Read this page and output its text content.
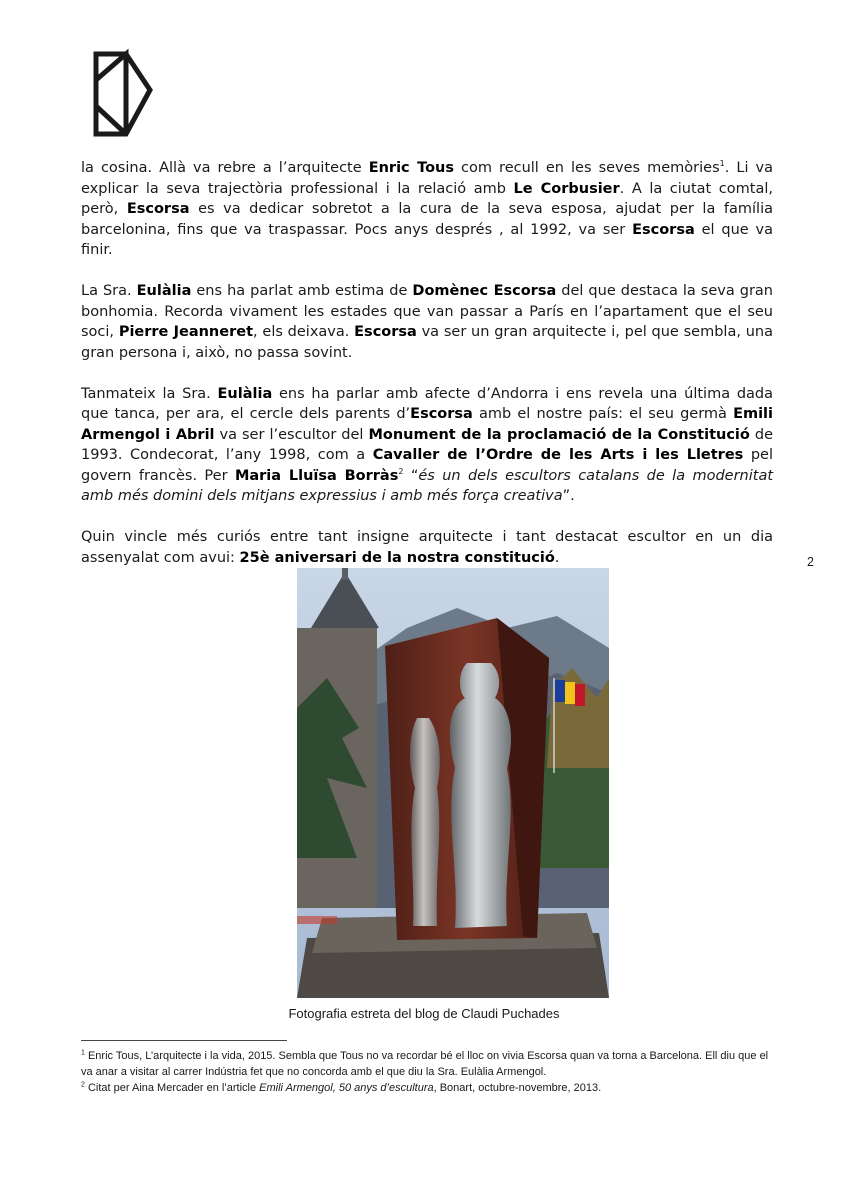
la cosina. Allà va rebre a l’arquitecte Enric Tous com recull en les seves memòries$^1$. Li va explicar la seva trajectòria professional i la relació amb Le Corbusier. A la ciutat comtal, però, Escorsa es va dedicar sobretot a la cura de la seva esposa, ajudat per la família barcelonina, fins que va traspassar. Pocs anys després , al 1992, va ser Escorsa el que va finir.

La Sra. Eulàlia ens ha parlat amb estima de Domènec Escorsa del que destaca la seva gran bonhomia. Recorda vivament les estades que van passar a París en l’apartament que el seu soci, Pierre Jeanneret, els deixava. Escorsa va ser un gran arquitecte i, pel que sembla, una gran persona i, això, no passa sovint.

Tanmateix la Sra. Eulàlia ens ha parlar amb afecte d’Andorra i ens revela una última dada que tanca, per ara, el cercle dels parents d’Escorsa amb el nostre país: el seu germà Emili Armengol i Abril va ser l’escultor del Monument de la proclamació de la Constitució de 1993. Condecorat, l’any 1998, com a Cavaller de l’Ordre de les Arts i les Lletres pel govern francès. Per Maria Lluïsa Borràs$^2$ “és un dels escultors catalans de la modernitat amb més domini dels mitjans expressius i amb més força creativa”.

Quin vincle més curiós entre tant insigne arquitecte i tant destacat escultor en un dia assenyalat com avui: 25è aniversari de la nostra constitució.	2
Fotografia estreta del blog de Claudi Puchades

$^1$ Enric Tous, L’arquitecte i la vida, 2015. Sembla que Tous no va recordar bé el lloc on vivia Escorsa quan va torna a Barcelona. Ell diu que el va anar a visitar al carrer Indústria fet que no concorda amb el que diu la Sra. Eulàlia Armengol.

$^2$ Citat per Aina Mercader en l’article Emili Armengol, 50 anys d’escultura, Bonart, octubre-novembre, 2013.
